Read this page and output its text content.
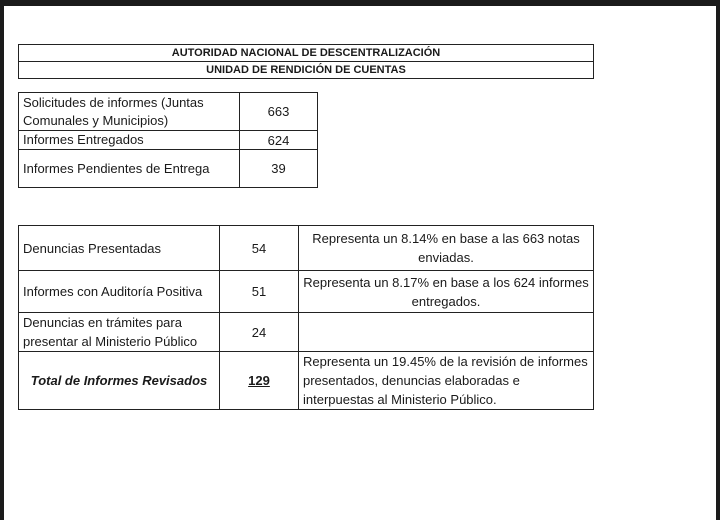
AUTORIDAD NACIONAL DE DESCENTRALIZACIÓN
UNIDAD DE RENDICIÓN DE CUENTAS
Solicitudes de informes (Juntas Comunales y Municipios)	663
Informes Entregados	624
Informes Pendientes de Entrega	39
Denuncias Presentadas	54	Representa un 8.14% en base a las 663 notas enviadas.
Informes con Auditoría Positiva	51	Representa un 8.17% en base a los 624 informes entregados.
Denuncias en trámites para presentar al Ministerio Público	24	
Total de Informes Revisados	129	Representa un 19.45% de la revisión de informes presentados, denuncias elaboradas e interpuestas al Ministerio Público.
